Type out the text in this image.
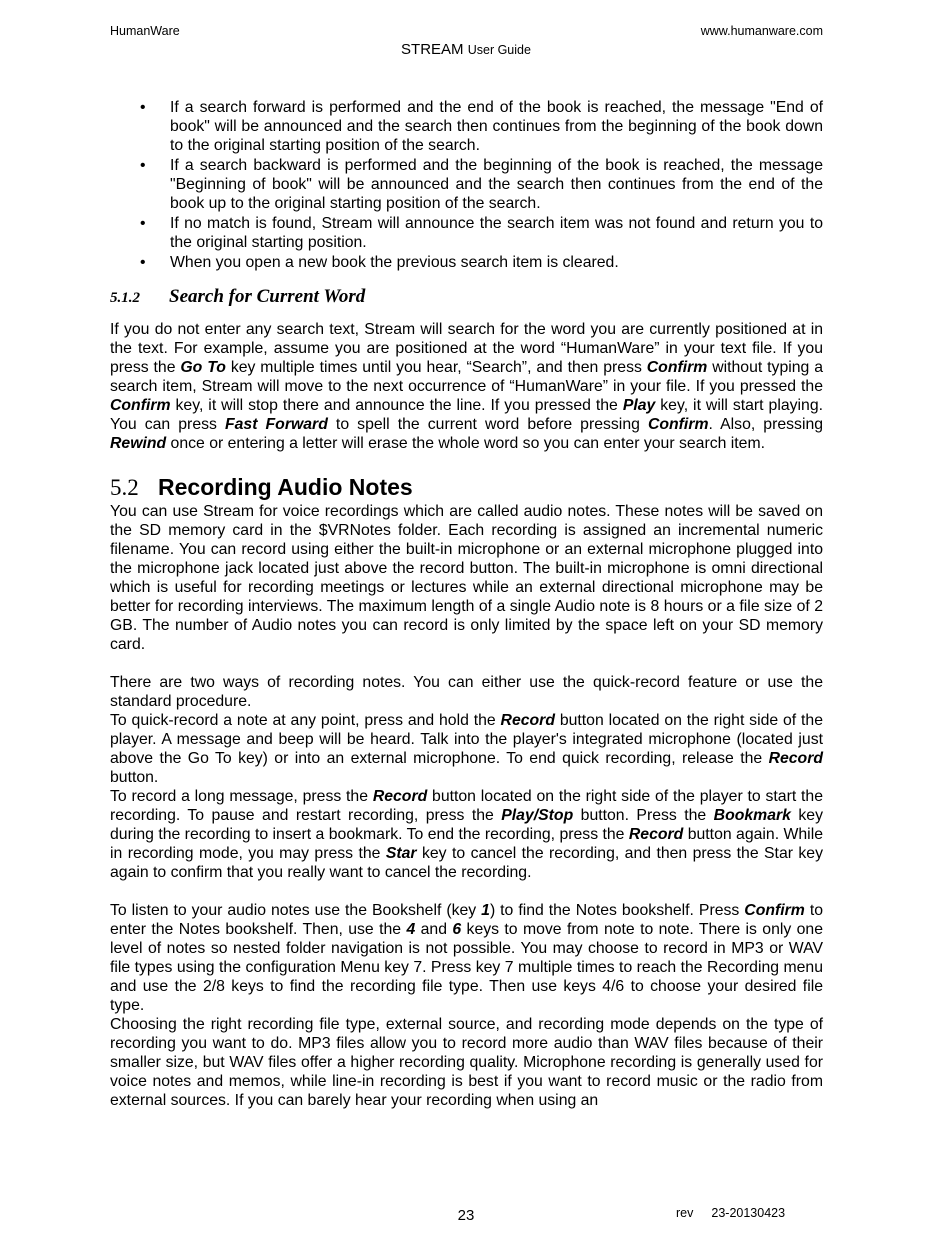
HumanWare	www.humanware.com
STREAM User Guide
• If a search forward is performed and the end of the book is reached, the message "End of book" will be announced and the search then continues from the beginning of the book down to the original starting position of the search.
• If a search backward is performed and the beginning of the book is reached, the message "Beginning of book" will be announced and the search then continues from the end of the book up to the original starting position of the search.
• If no match is found, Stream will announce the search item was not found and return you to the original starting position.
• When you open a new book the previous search item is cleared.
5.1.2 Search for Current Word

If you do not enter any search text, Stream will search for the word you are currently positioned at in the text. For example, assume you are positioned at the word “HumanWare” in your text file. If you press the Go To key multiple times until you hear, “Search”, and then press Confirm without typing a search item, Stream will move to the next occurrence of “HumanWare” in your file. If you pressed the Confirm key, it will stop there and announce the line. If you pressed the Play key, it will start playing. You can press Fast Forward to spell the current word before pressing Confirm. Also, pressing Rewind once or entering a letter will erase the whole word so you can enter your search item.

5.2 Recording Audio Notes

You can use Stream for voice recordings which are called audio notes. These notes will be saved on the SD memory card in the $VRNotes folder. Each recording is assigned an incremental numeric filename. You can record using either the built-in microphone or an external microphone plugged into the microphone jack located just above the record button. The built-in microphone is omni directional which is useful for recording meetings or lectures while an external directional microphone may be better for recording interviews. The maximum length of a single Audio note is 8 hours or a file size of 2 GB. The number of Audio notes you can record is only limited by the space left on your SD memory card.

There are two ways of recording notes. You can either use the quick-record feature or use the standard procedure.

To quick-record a note at any point, press and hold the Record button located on the right side of the player. A message and beep will be heard. Talk into the player's integrated microphone (located just above the Go To key) or into an external microphone. To end quick recording, release the Record button.

To record a long message, press the Record button located on the right side of the player to start the recording. To pause and restart recording, press the Play/Stop button. Press the Bookmark key during the recording to insert a bookmark. To end the recording, press the Record button again. While in recording mode, you may press the Star key to cancel the recording, and then press the Star key again to confirm that you really want to cancel the recording.

To listen to your audio notes use the Bookshelf (key 1) to find the Notes bookshelf. Press Confirm to enter the Notes bookshelf. Then, use the 4 and 6 keys to move from note to note. There is only one level of notes so nested folder navigation is not possible. You may choose to record in MP3 or WAV file types using the configuration Menu key 7. Press key 7 multiple times to reach the Recording menu and use the 2/8 keys to find the recording file type. Then use keys 4/6 to choose your desired file type.

Choosing the right recording file type, external source, and recording mode depends on the type of recording you want to do. MP3 files allow you to record more audio than WAV files because of their smaller size, but WAV files offer a higher recording quality. Microphone recording is generally used for voice notes and memos, while line-in recording is best if you want to record music or the radio from external sources. If you can barely hear your recording when using an

23	rev 23-20130423
